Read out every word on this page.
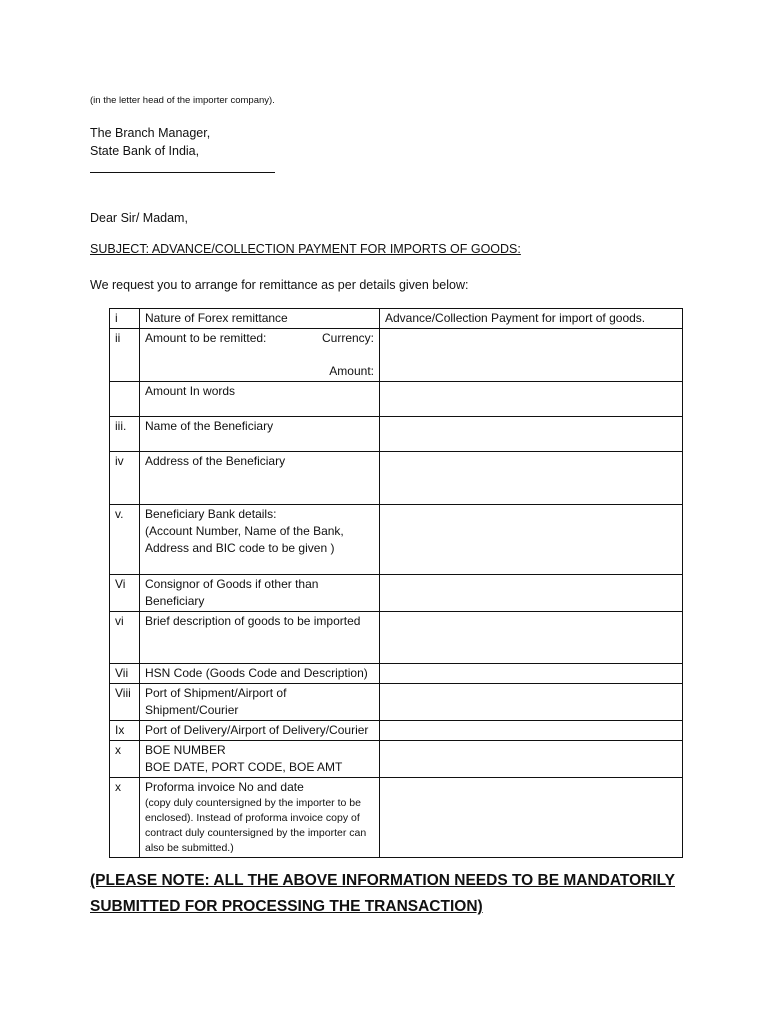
(in the letter head of the importer company).
The Branch Manager,
State Bank of India,
Dear Sir/ Madam,
SUBJECT: ADVANCE/COLLECTION PAYMENT FOR IMPORTS OF GOODS:
We request you to arrange for remittance as per details given below:
i	Nature of Forex remittance	Advance/Collection Payment for import of goods.
ii	Amount to be remitted: Currency:
Amount:	

	Amount In words	
iii.	Name of the Beneficiary	
iv	Address of the Beneficiary	
v.	Beneficiary Bank details:
(Account Number, Name of the Bank,
Address and BIC code to be given )	

Vi	Consignor of Goods if other than Beneficiary	
vi	Brief description of goods to be imported	
Vii	HSN Code (Goods Code and Description)	
Viii	Port of Shipment/Airport of Shipment/Courier	
Ix	Port of Delivery/Airport of Delivery/Courier	
x	BOE NUMBER
BOE DATE, PORT CODE, BOE AMT	

x	Proforma invoice No and date
(copy duly countersigned by the importer to be enclosed). Instead of proforma invoice copy of contract duly countersigned by the importer can also be submitted.)	

(PLEASE NOTE: ALL THE ABOVE INFORMATION NEEDS TO BE MANDATORILY SUBMITTED FOR PROCESSING THE TRANSACTION)
